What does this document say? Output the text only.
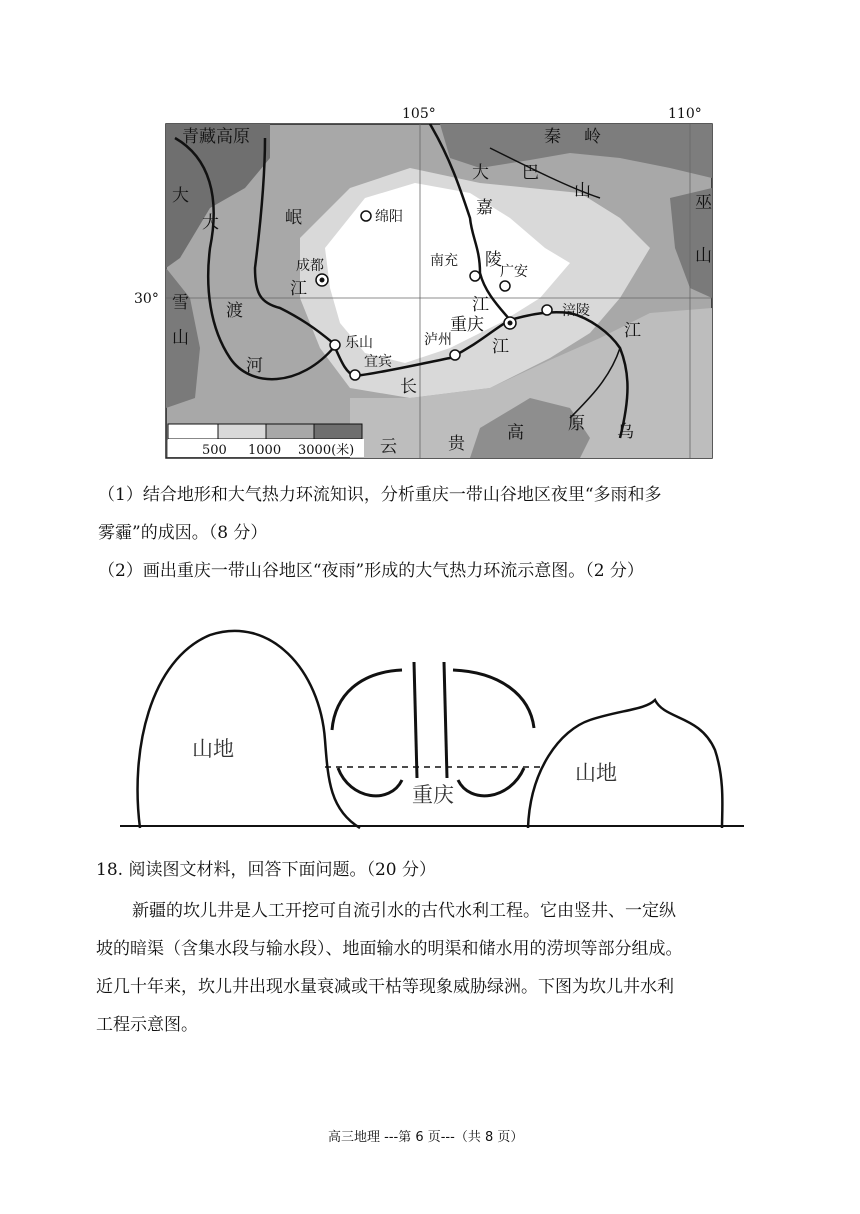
105°	110°
30°
青藏高原	秦 岭
大 巴
山
巫
山
大
雪
山
大
渡
河
岷
江
嘉
陵
江
长
江
江
云	贵
高	原 乌
绵阳
成都	南充
广安
重庆
涪陵
乐山
宜宾
泸州
500 1000 3000(米)
（1）结合地形和大气热力环流知识，分析重庆一带山谷地区夜里“多雨和多
雾霾”的成因。（8 分）
（2）画出重庆一带山谷地区“夜雨”形成的大气热力环流示意图。（2 分）
山地
山地
重庆
18. 阅读图文材料，回答下面问题。（20 分）
新疆的坎儿井是人工开挖可自流引水的古代水利工程。它由竖井、一定纵
坡的暗渠（含集水段与输水段）、地面输水的明渠和储水用的涝坝等部分组成。
近几十年来，坎儿井出现水量衰减或干枯等现象威胁绿洲。下图为坎儿井水利
工程示意图。
高三地理 ---第 6 页---（共 8 页）
